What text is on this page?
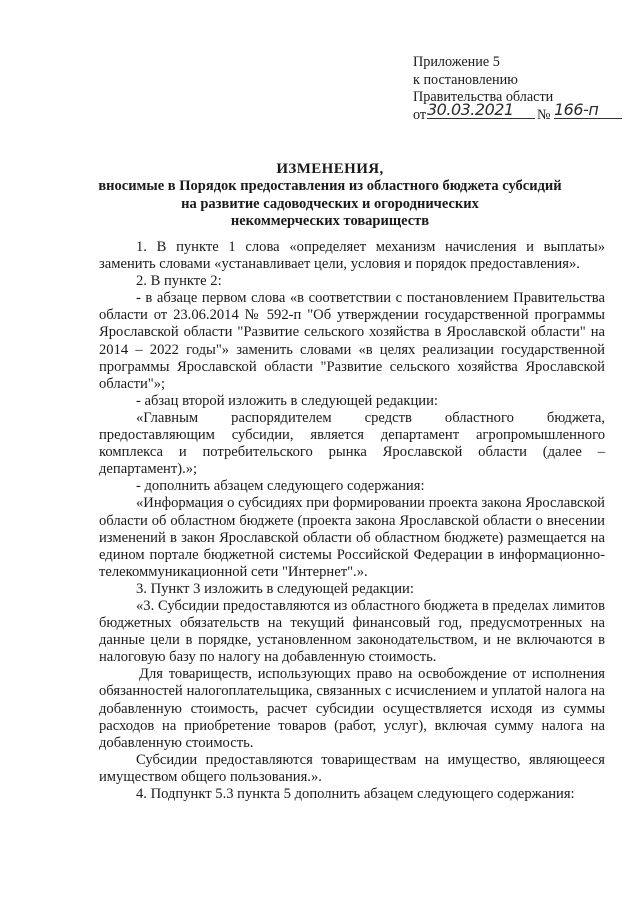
Приложение 5
к постановлению
Правительства области
от 30.03.2021	№ 166-п
ИЗМЕНЕНИЯ,
вносимые в Порядок предоставления из областного бюджета субсидий
на развитие садоводческих и огороднических
некоммерческих товариществ

1. В пункте 1 слова «определяет механизм начисления и выплаты» заменить словами «устанавливает цели, условия и порядок предоставления».

2. В пункте 2:

- в абзаце первом слова «в соответствии с постановлением Правительства области от 23.06.2014 № 592-п "Об утверждении государственной программы Ярославской области "Развитие сельского хозяйства в Ярославской области" на 2014 – 2022 годы"» заменить словами «в целях реализации государственной программы Ярославской области "Развитие сельского хозяйства Ярославской области"»;

- абзац второй изложить в следующей редакции:

«Главным распорядителем средств областного бюджета, предоставляющим субсидии, является департамент агропромышленного комплекса и потребительского рынка Ярославской области (далее – департамент).»;

- дополнить абзацем следующего содержания:

«Информация о субсидиях при формировании проекта закона Ярославской области об областном бюджете (проекта закона Ярославской области о внесении изменений в закон Ярославской области об областном бюджете) размещается на едином портале бюджетной системы Российской Федерации в информационно-телекоммуникационной сети "Интернет".».

3. Пункт 3 изложить в следующей редакции:

«3. Субсидии предоставляются из областного бюджета в пределах лимитов бюджетных обязательств на текущий финансовый год, предусмотренных на данные цели в порядке, установленном законодательством, и не включаются в налоговую базу по налогу на добавленную стоимость.

Для товариществ, использующих право на освобождение от исполнения обязанностей налогоплательщика, связанных с исчислением и уплатой налога на добавленную стоимость, расчет субсидии осуществляется исходя из суммы расходов на приобретение товаров (работ, услуг), включая сумму налога на добавленную стоимость.

Субсидии предоставляются товариществам на имущество, являющееся имуществом общего пользования.».

4. Подпункт 5.3 пункта 5 дополнить абзацем следующего содержания:
